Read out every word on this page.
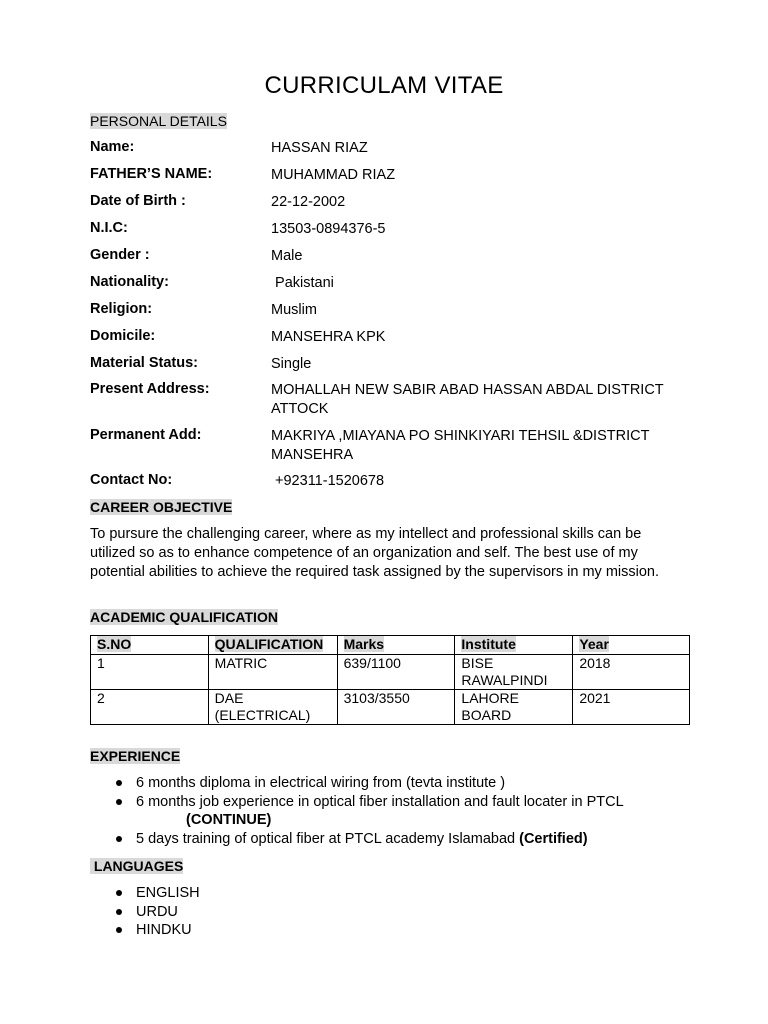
CURRICULAM VITAE
PERSONAL DETAILS
Name:	HASSAN RIAZ
FATHER’S NAME:	MUHAMMAD RIAZ
Date of Birth :	22-12-2002
N.I.C:	13503-0894376-5
Gender :	Male
Nationality:	Pakistani
Religion:	Muslim
Domicile:	MANSEHRA KPK
Material Status:	Single
Present Address:	MOHALLAH NEW SABIR ABAD HASSAN ABDAL DISTRICT ATTOCK
Permanent Add:	MAKRIYA ,MIAYANA PO SHINKIYARI TEHSIL &DISTRICT MANSEHRA
Contact No:	+92311-1520678
CAREER OBJECTIVE
To pursure the challenging career, where as my intellect and professional skills can be utilized so as to enhance competence of an organization and self. The best use of my potential abilities to achieve the required task assigned by the supervisors in my mission.
ACADEMIC QUALIFICATION
S.NO	QUALIFICATION	Marks	Institute	Year
1	MATRIC	639/1100	BISE RAWALPINDI	2018
2	DAE (ELECTRICAL)	3103/3550	LAHORE BOARD	2021
EXPERIENCE
6 months diploma in electrical wiring from (tevta institute )
6 months job experience in optical fiber installation and fault locater in PTCL (CONTINUE)
5 days training of optical fiber at PTCL academy Islamabad (Certified)
LANGUAGES
ENGLISH
URDU
HINDKU
